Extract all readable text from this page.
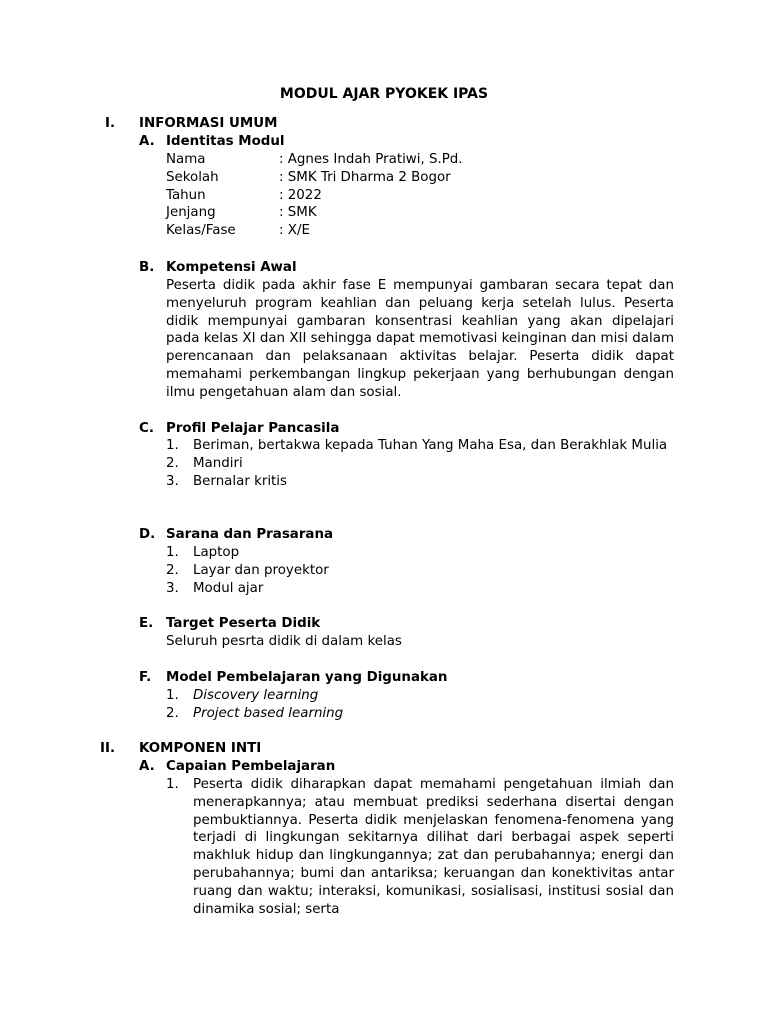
MODUL AJAR PYOKEK IPAS
I. INFORMASI UMUM
A. Identitas Modul
Nama	: Agnes Indah Pratiwi, S.Pd.
Sekolah	: SMK Tri Dharma 2 Bogor
Tahun	: 2022
Jenjang	: SMK
Kelas/Fase	: X/E
B. Kompetensi Awal
Peserta didik pada akhir fase E mempunyai gambaran secara tepat dan menyeluruh program keahlian dan peluang kerja setelah lulus. Peserta didik mempunyai gambaran konsentrasi keahlian yang akan dipelajari pada kelas XI dan XII sehingga dapat memotivasi keinginan dan misi dalam perencanaan dan pelaksanaan aktivitas belajar. Peserta didik dapat memahami perkembangan lingkup pekerjaan yang berhubungan dengan ilmu pengetahuan alam dan sosial.
C. Profil Pelajar Pancasila
1.	Beriman, bertakwa kepada Tuhan Yang Maha Esa, dan Berakhlak Mulia
2.	Mandiri
3.	Bernalar kritis
D. Sarana dan Prasarana
1.	Laptop
2.	Layar dan proyektor
3.	Modul ajar
E. Target Peserta Didik
Seluruh pesrta didik di dalam kelas
F. Model Pembelajaran yang Digunakan
1.	Discovery learning
2.	Project based learning
II. KOMPONEN INTI
A. Capaian Pembelajaran
1.	Peserta didik diharapkan dapat memahami pengetahuan ilmiah dan menerapkannya; atau membuat prediksi sederhana disertai dengan pembuktiannya. Peserta didik menjelaskan fenomena-fenomena yang terjadi di lingkungan sekitarnya dilihat dari berbagai aspek seperti makhluk hidup dan lingkungannya; zat dan perubahannya; energi dan perubahannya; bumi dan antariksa; keruangan dan konektivitas antar ruang dan waktu; interaksi, komunikasi, sosialisasi, institusi sosial dan dinamika sosial; serta
